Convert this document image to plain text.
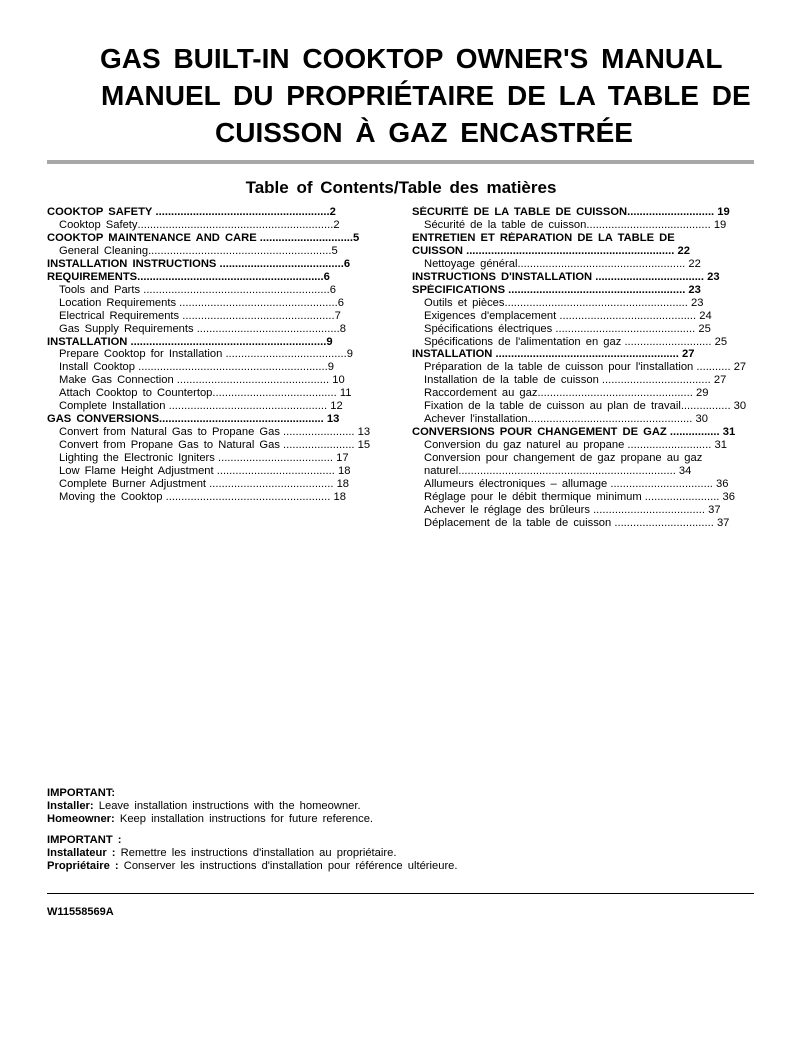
GAS BUILT-IN COOKTOP OWNER'S MANUAL
MANUEL DU PROPRIÉTAIRE DE LA TABLE DE
CUISSON À GAZ ENCASTRÉE
Table of Contents/Table des matières
COOKTOP SAFETY ........................................................2
Cooktop Safety...............................................................2
COOKTOP MAINTENANCE AND CARE ..............................5
General Cleaning...........................................................5
INSTALLATION INSTRUCTIONS ........................................6
REQUIREMENTS............................................................6
Tools and Parts ............................................................6
Location Requirements ...................................................6
Electrical Requirements .................................................7
Gas Supply Requirements ..............................................8
INSTALLATION ...............................................................9
Prepare Cooktop for Installation .......................................9
Install Cooktop .............................................................9
Make Gas Connection ................................................. 10
Attach Cooktop to Countertop........................................ 11
Complete Installation ................................................... 12
GAS CONVERSIONS..................................................... 13
Convert from Natural Gas to Propane Gas ....................... 13
Convert from Propane Gas to Natural Gas ....................... 15
Lighting the Electronic Igniters ..................................... 17
Low Flame Height Adjustment ...................................... 18
Complete Burner Adjustment ........................................ 18
Moving the Cooktop ..................................................... 18
SÉCURITÉ DE LA TABLE DE CUISSON............................ 19
Sécurité de la table de cuisson........................................ 19
ENTRETIEN ET RÉPARATION DE LA TABLE DE
CUISSON ................................................................... 22
Nettoyage général...................................................... 22
INSTRUCTIONS D'INSTALLATION ................................... 23
SPÉCIFICATIONS ......................................................... 23
Outils et pièces........................................................... 23
Exigences d'emplacement ............................................ 24
Spécifications électriques ............................................. 25
Spécifications de l'alimentation en gaz ............................ 25
INSTALLATION ........................................................... 27
Préparation de la table de cuisson pour l'installation ........... 27
Installation de la table de cuisson ................................... 27
Raccordement au gaz.................................................. 29
Fixation de la table de cuisson au plan de travail................ 30
Achever l'installation..................................................... 30
CONVERSIONS POUR CHANGEMENT DE GAZ ................ 31
Conversion du gaz naturel au propane ........................... 31
Conversion pour changement de gaz propane au gaz
naturel...................................................................... 34
Allumeurs électroniques – allumage ................................. 36
Réglage pour le débit thermique minimum ........................ 36
Achever le réglage des brûleurs .................................... 37
Déplacement de la table de cuisson ................................ 37
IMPORTANT:
Installer: Leave installation instructions with the homeowner.
Homeowner: Keep installation instructions for future reference.
IMPORTANT :
Installateur : Remettre les instructions d'installation au propriétaire.
Propriétaire : Conserver les instructions d'installation pour référence ultérieure.
W11558569A
